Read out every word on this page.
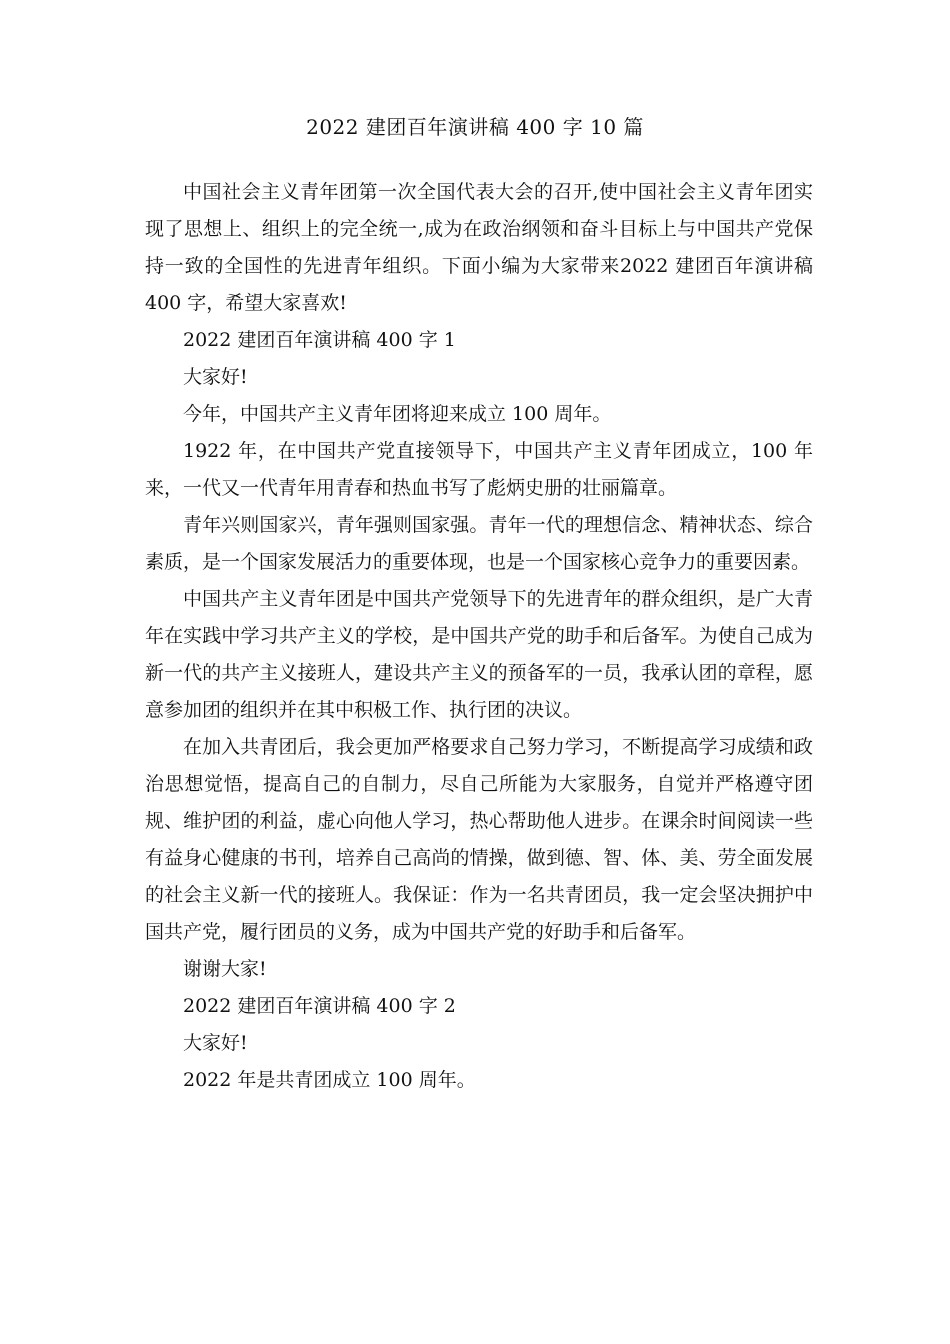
2022 建团百年演讲稿 400 字 10 篇

中国社会主义青年团第一次全国代表大会的召开,使中国社会主义青年团实现了思想上、组织上的完全统一,成为在政治纲领和奋斗目标上与中国共产党保持一致的全国性的先进青年组织。下面小编为大家带来2022 建团百年演讲稿 400 字，希望大家喜欢!

2022 建团百年演讲稿 400 字 1

大家好!

今年，中国共产主义青年团将迎来成立 100 周年。

1922 年，在中国共产党直接领导下，中国共产主义青年团成立，100 年来，一代又一代青年用青春和热血书写了彪炳史册的壮丽篇章。

青年兴则国家兴，青年强则国家强。青年一代的理想信念、精神状态、综合素质，是一个国家发展活力的重要体现，也是一个国家核心竞争力的重要因素。

中国共产主义青年团是中国共产党领导下的先进青年的群众组织，是广大青年在实践中学习共产主义的学校，是中国共产党的助手和后备军。为使自己成为新一代的共产主义接班人，建设共产主义的预备军的一员，我承认团的章程，愿意参加团的组织并在其中积极工作、执行团的决议。

在加入共青团后，我会更加严格要求自己努力学习，不断提高学习成绩和政治思想觉悟，提高自己的自制力，尽自己所能为大家服务，自觉并严格遵守团规、维护团的利益，虚心向他人学习，热心帮助他人进步。在课余时间阅读一些有益身心健康的书刊，培养自己高尚的情操，做到德、智、体、美、劳全面发展的社会主义新一代的接班人。我保证：作为一名共青团员，我一定会坚决拥护中国共产党，履行团员的义务，成为中国共产党的好助手和后备军。

谢谢大家!

2022 建团百年演讲稿 400 字 2

大家好!

2022 年是共青团成立 100 周年。
